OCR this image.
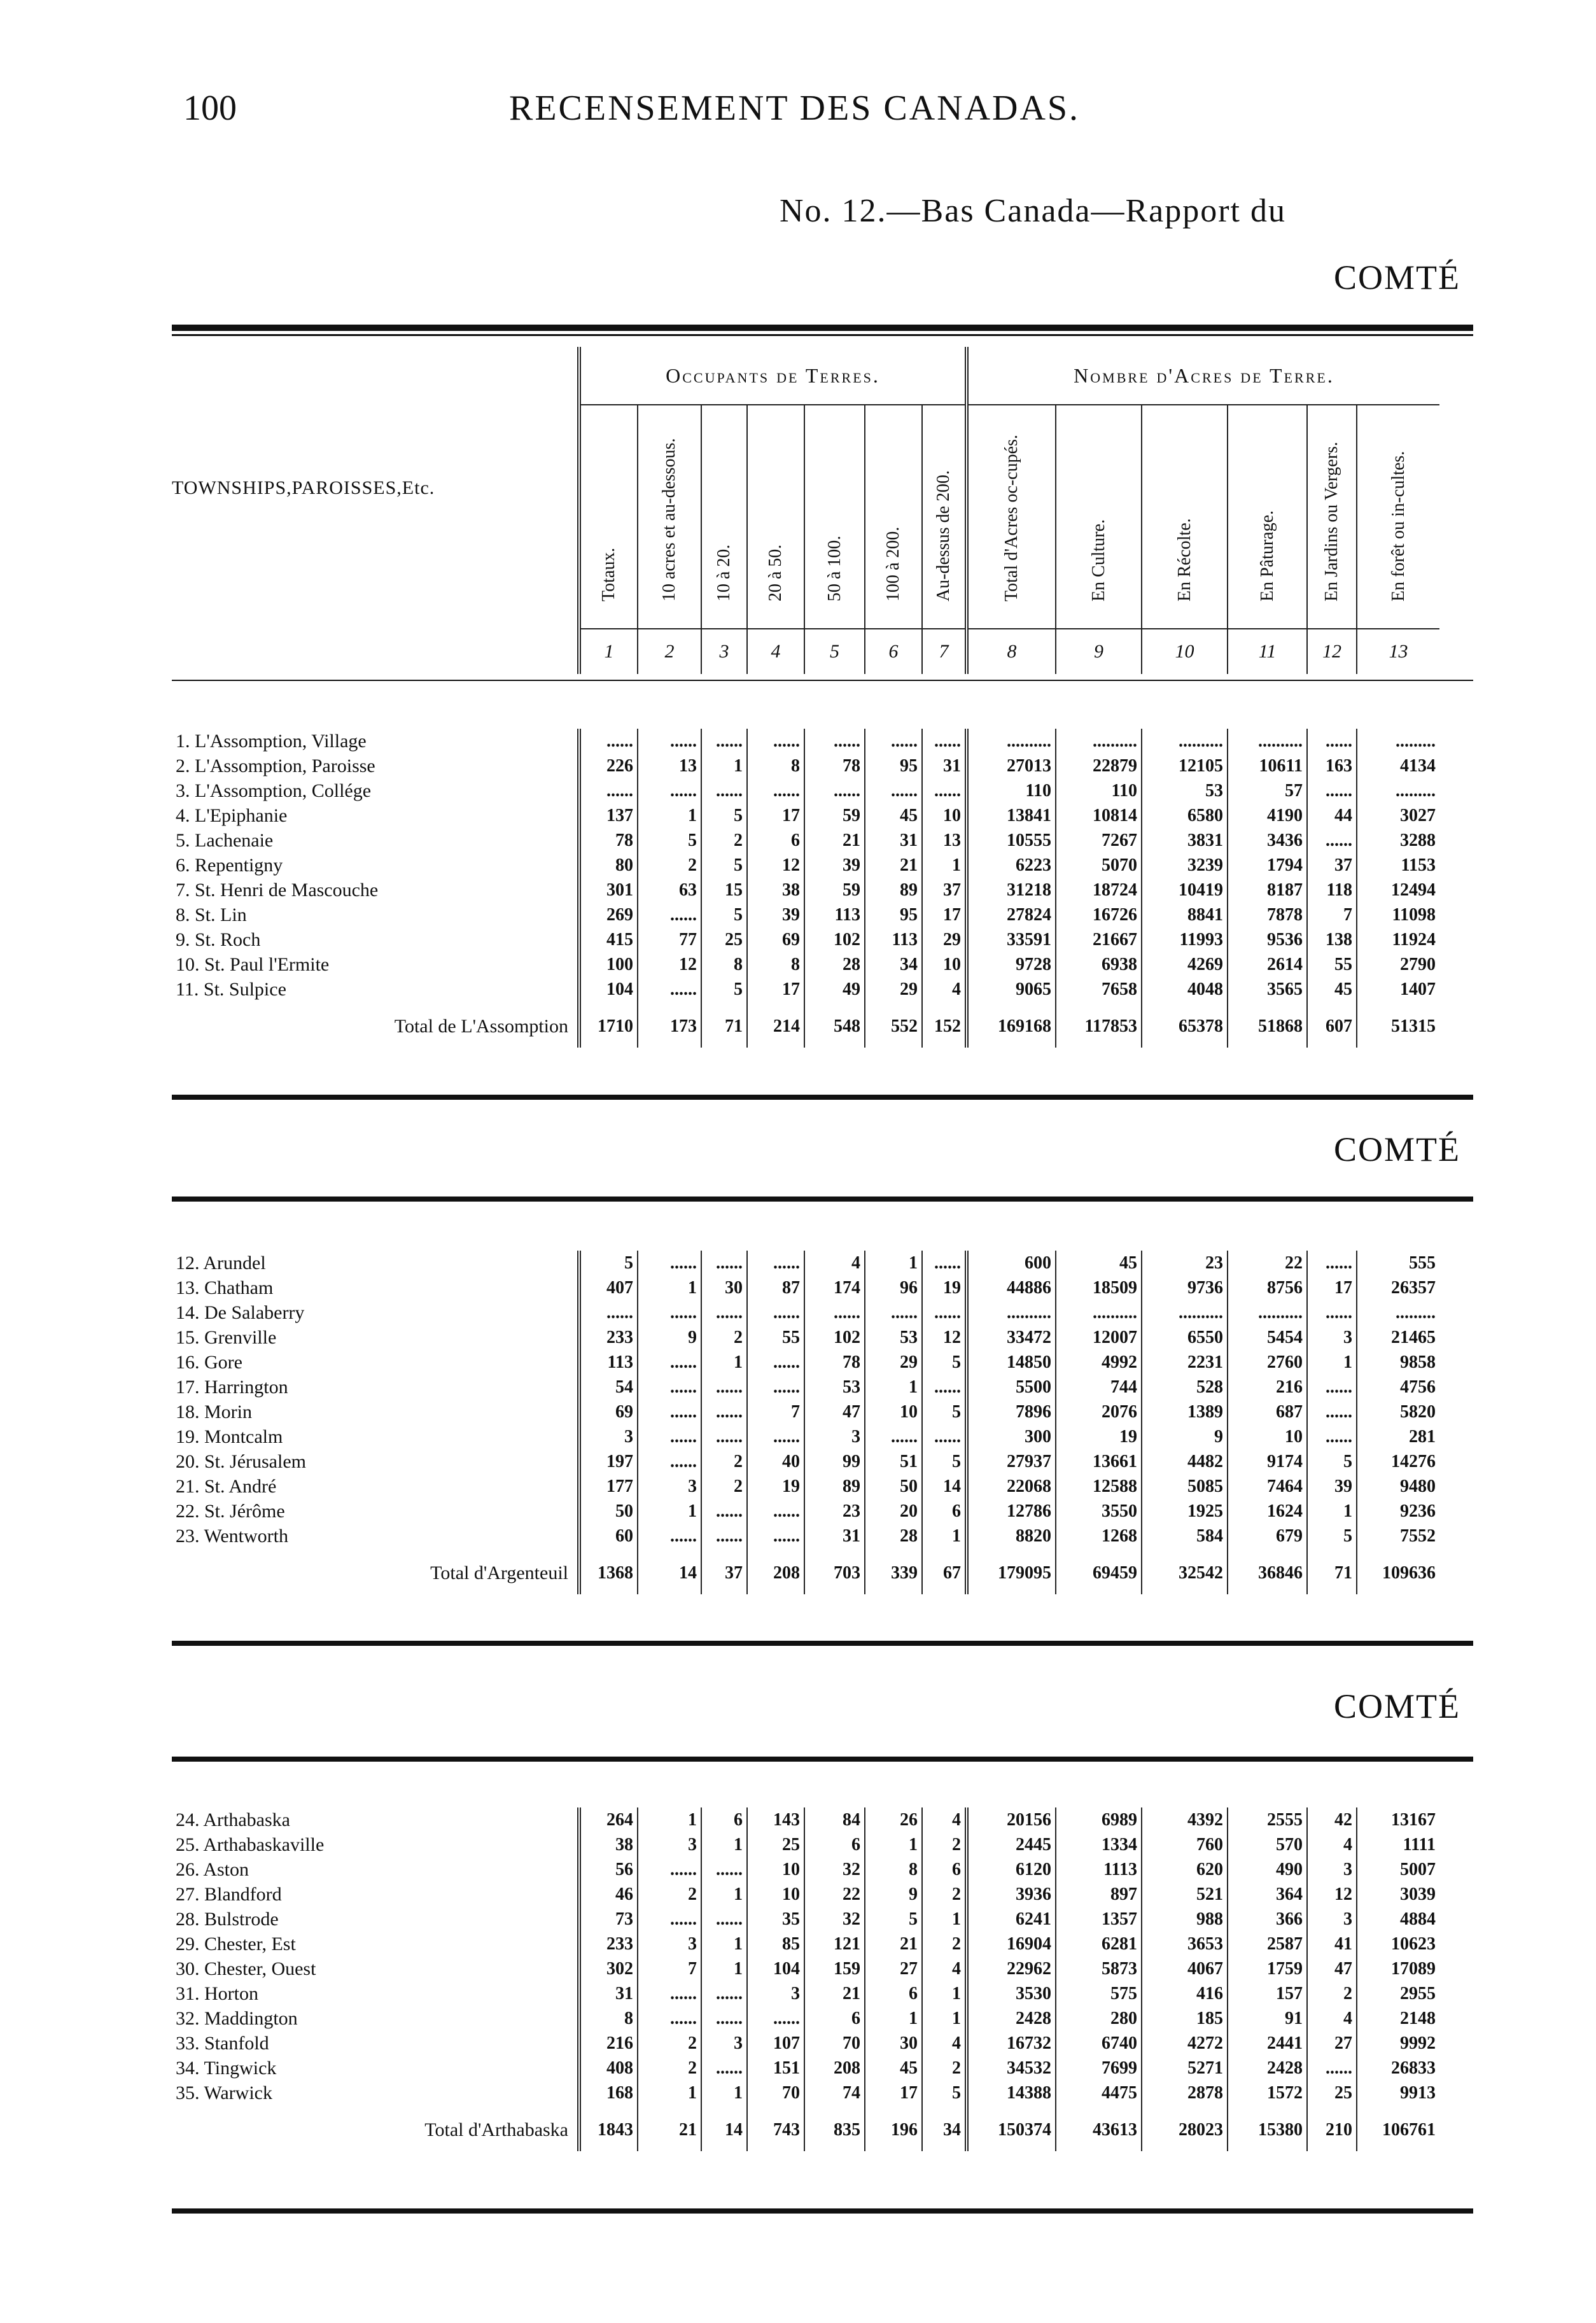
100	RECENSEMENT DES CANADAS.
No. 12.—Bas Canada—Rapport du
COMTÉ
TOWNSHIPS,PAROISSES,Etc.	Occupants de Terres.							Nombre d'Acres de Terre.					

	Totaux.	10 acres et au-dessous.	10 à 20.	20 à 50.	50 à 100.	100 à 200.	Au-dessus de 200.	Total d'Acres oc-cupés.	En Culture.	En Récolte.	En Pâturage.	En Jardins ou Vergers.	En forêt ou in-cultes.

	1	2	3	4	5	6	7	8	9	10	11	12	13
1. L'Assomption, Village	......	......	......	......	......	......	......	..........	..........	..........	..........	......	.........
2. L'Assomption, Paroisse	226	13	1	8	78	95	31	27013	22879	12105	10611	163	4134
3. L'Assomption, Collége	......	......	......	......	......	......	......	110	110	53	57	......	.........
4. L'Epiphanie	137	1	5	17	59	45	10	13841	10814	6580	4190	44	3027
5. Lachenaie	78	5	2	6	21	31	13	10555	7267	3831	3436	......	3288
6. Repentigny	80	2	5	12	39	21	1	6223	5070	3239	1794	37	1153
7. St. Henri de Mascouche	301	63	15	38	59	89	37	31218	18724	10419	8187	118	12494
8. St. Lin	269	......	5	39	113	95	17	27824	16726	8841	7878	7	11098
9. St. Roch	415	77	25	69	102	113	29	33591	21667	11993	9536	138	11924
10. St. Paul l'Ermite	100	12	8	8	28	34	10	9728	6938	4269	2614	55	2790
11. St. Sulpice	104	......	5	17	49	29	4	9065	7658	4048	3565	45	1407
Total de L'Assomption	1710	173	71	214	548	552	152	169168	117853	65378	51868	607	51315
COMTÉ
12. Arundel	5	......	......	......	4	1	......	600	45	23	22	......	555
13. Chatham	407	1	30	87	174	96	19	44886	18509	9736	8756	17	26357
14. De Salaberry	......	......	......	......	......	......	......	..........	..........	..........	..........	......	.........
15. Grenville	233	9	2	55	102	53	12	33472	12007	6550	5454	3	21465
16. Gore	113	......	1	......	78	29	5	14850	4992	2231	2760	1	9858
17. Harrington	54	......	......	......	53	1	......	5500	744	528	216	......	4756
18. Morin	69	......	......	7	47	10	5	7896	2076	1389	687	......	5820
19. Montcalm	3	......	......	......	3	......	......	300	19	9	10	......	281
20. St. Jérusalem	197	......	2	40	99	51	5	27937	13661	4482	9174	5	14276
21. St. André	177	3	2	19	89	50	14	22068	12588	5085	7464	39	9480
22. St. Jérôme	50	1	......	......	23	20	6	12786	3550	1925	1624	1	9236
23. Wentworth	60	......	......	......	31	28	1	8820	1268	584	679	5	7552
Total d'Argenteuil	1368	14	37	208	703	339	67	179095	69459	32542	36846	71	109636
COMTÉ
24. Arthabaska	264	1	6	143	84	26	4	20156	6989	4392	2555	42	13167
25. Arthabaskaville	38	3	1	25	6	1	2	2445	1334	760	570	4	1111
26. Aston	56	......	......	10	32	8	6	6120	1113	620	490	3	5007
27. Blandford	46	2	1	10	22	9	2	3936	897	521	364	12	3039
28. Bulstrode	73	......	......	35	32	5	1	6241	1357	988	366	3	4884
29. Chester, Est	233	3	1	85	121	21	2	16904	6281	3653	2587	41	10623
30. Chester, Ouest	302	7	1	104	159	27	4	22962	5873	4067	1759	47	17089
31. Horton	31	......	......	3	21	6	1	3530	575	416	157	2	2955
32. Maddington	8	......	......	......	6	1	1	2428	280	185	91	4	2148
33. Stanfold	216	2	3	107	70	30	4	16732	6740	4272	2441	27	9992
34. Tingwick	408	2	......	151	208	45	2	34532	7699	5271	2428	......	26833
35. Warwick	168	1	1	70	74	17	5	14388	4475	2878	1572	25	9913
Total d'Arthabaska	1843	21	14	743	835	196	34	150374	43613	28023	15380	210	106761
